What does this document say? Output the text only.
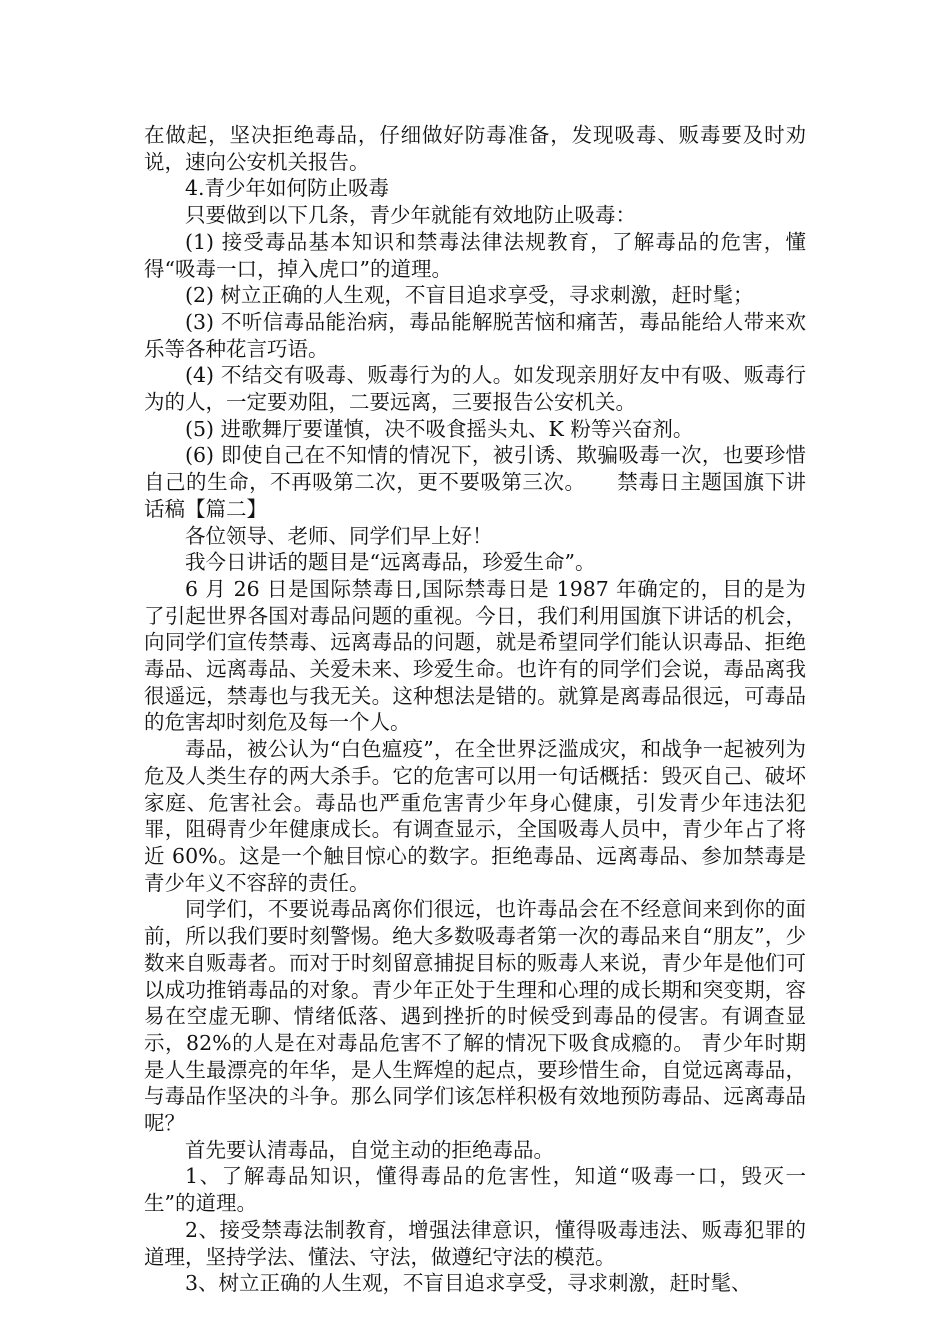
在做起，坚决拒绝毒品，仔细做好防毒准备，发现吸毒、贩毒要及时劝说，速向公安机关报告。

4.青少年如何防止吸毒

只要做到以下几条，青少年就能有效地防止吸毒：

(1) 接受毒品基本知识和禁毒法律法规教育，了解毒品的危害，懂得“吸毒一口，掉入虎口”的道理。

(2) 树立正确的人生观，不盲目追求享受，寻求刺激，赶时髦；

(3) 不听信毒品能治病，毒品能解脱苦恼和痛苦，毒品能给人带来欢乐等各种花言巧语。

(4) 不结交有吸毒、贩毒行为的人。如发现亲朋好友中有吸、贩毒行为的人，一定要劝阻，二要远离，三要报告公安机关。

(5) 进歌舞厅要谨慎，决不吸食摇头丸、K 粉等兴奋剂。

(6) 即使自己在不知情的情况下，被引诱、欺骗吸毒一次，也要珍惜自己的生命，不再吸第二次，更不要吸第三次。　　禁毒日主题国旗下讲话稿【篇二】

各位领导、老师、同学们早上好！

我今日讲话的题目是“远离毒品，珍爱生命”。

6 月 26 日是国际禁毒日,国际禁毒日是 1987 年确定的，目的是为了引起世界各国对毒品问题的重视。今日，我们利用国旗下讲话的机会，向同学们宣传禁毒、远离毒品的问题，就是希望同学们能认识毒品、拒绝毒品、远离毒品、关爱未来、珍爱生命。也许有的同学们会说，毒品离我很遥远，禁毒也与我无关。这种想法是错的。就算是离毒品很远，可毒品的危害却时刻危及每一个人。

毒品，被公认为“白色瘟疫”，在全世界泛滥成灾，和战争一起被列为危及人类生存的两大杀手。它的危害可以用一句话概括：毁灭自己、破坏家庭、危害社会。毒品也严重危害青少年身心健康，引发青少年违法犯罪，阻碍青少年健康成长。有调查显示，全国吸毒人员中，青少年占了将近 60%。这是一个触目惊心的数字。拒绝毒品、远离毒品、参加禁毒是青少年义不容辞的责任。

同学们，不要说毒品离你们很远，也许毒品会在不经意间来到你的面前，所以我们要时刻警惕。绝大多数吸毒者第一次的毒品来自“朋友”，少数来自贩毒者。而对于时刻留意捕捉目标的贩毒人来说，青少年是他们可以成功推销毒品的对象。青少年正处于生理和心理的成长期和突变期，容易在空虚无聊、情绪低落、遇到挫折的时候受到毒品的侵害。有调查显示，82%的人是在对毒品危害不了解的情况下吸食成瘾的。 青少年时期是人生最漂亮的年华，是人生辉煌的起点，要珍惜生命，自觉远离毒品，与毒品作坚决的斗争。那么同学们该怎样积极有效地预防毒品、远离毒品呢？

首先要认清毒品，自觉主动的拒绝毒品。

1、了解毒品知识，懂得毒品的危害性，知道“吸毒一口，毁灭一生”的道理。

2、接受禁毒法制教育，增强法律意识，懂得吸毒违法、贩毒犯罪的道理，坚持学法、懂法、守法，做遵纪守法的模范。

3、树立正确的人生观，不盲目追求享受，寻求刺激，赶时髦、
